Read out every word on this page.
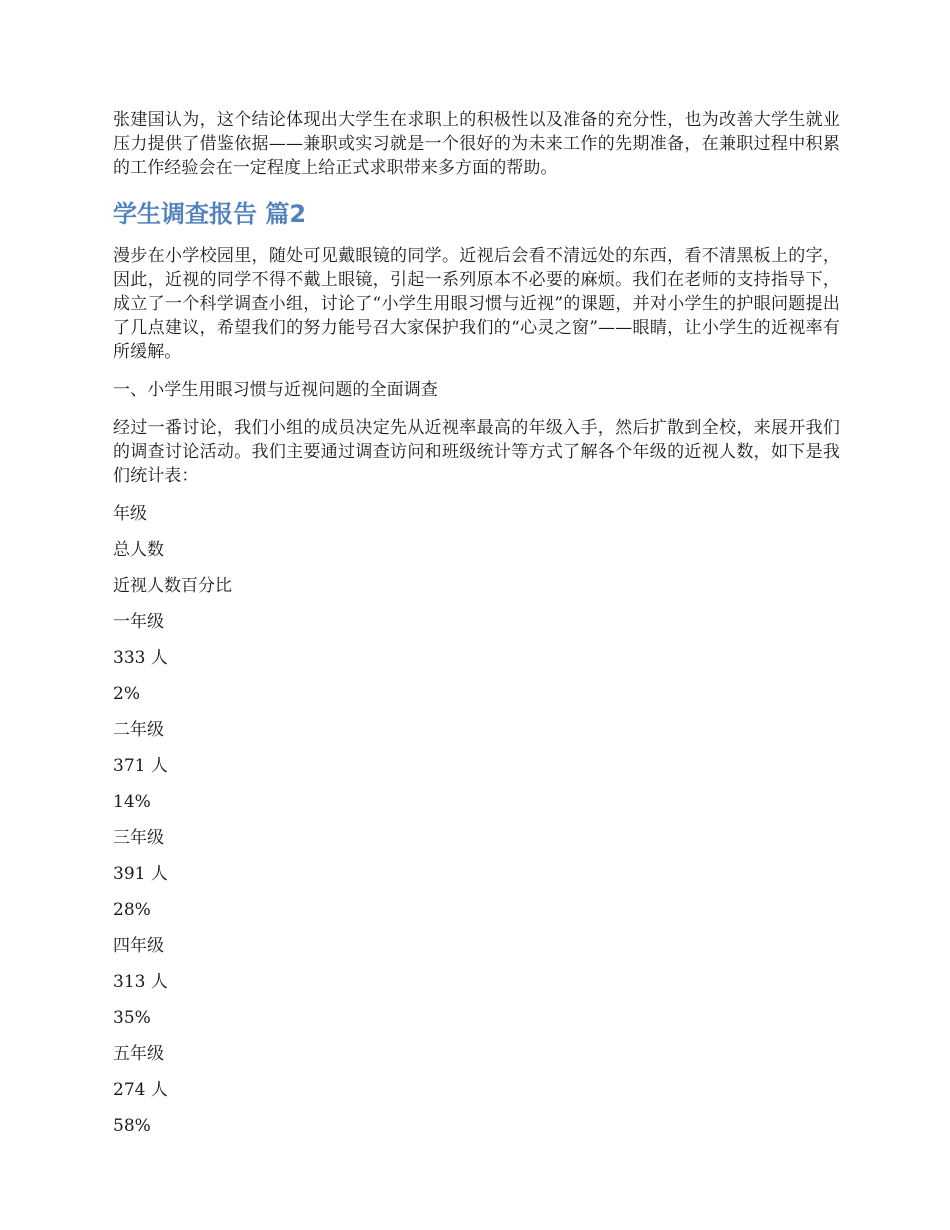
张建国认为，这个结论体现出大学生在求职上的积极性以及准备的充分性，也为改善大学生就业压力提供了借鉴依据——兼职或实习就是一个很好的为未来工作的先期准备，在兼职过程中积累的工作经验会在一定程度上给正式求职带来多方面的帮助。

学生调查报告 篇2

漫步在小学校园里，随处可见戴眼镜的同学。近视后会看不清远处的东西，看不清黑板上的字，因此，近视的同学不得不戴上眼镜，引起一系列原本不必要的麻烦。我们在老师的支持指导下，成立了一个科学调查小组，讨论了“小学生用眼习惯与近视”的课题，并对小学生的护眼问题提出了几点建议，希望我们的努力能号召大家保护我们的“心灵之窗”——眼睛，让小学生的近视率有所缓解。

一、小学生用眼习惯与近视问题的全面调查

经过一番讨论，我们小组的成员决定先从近视率最高的年级入手，然后扩散到全校，来展开我们的调查讨论活动。我们主要通过调查访问和班级统计等方式了解各个年级的近视人数，如下是我们统计表：

年级
总人数
近视人数百分比
一年级
333 人
2%
二年级
371 人
14%
三年级
391 人
28%
四年级
313 人
35%
五年级
274 人
58%
